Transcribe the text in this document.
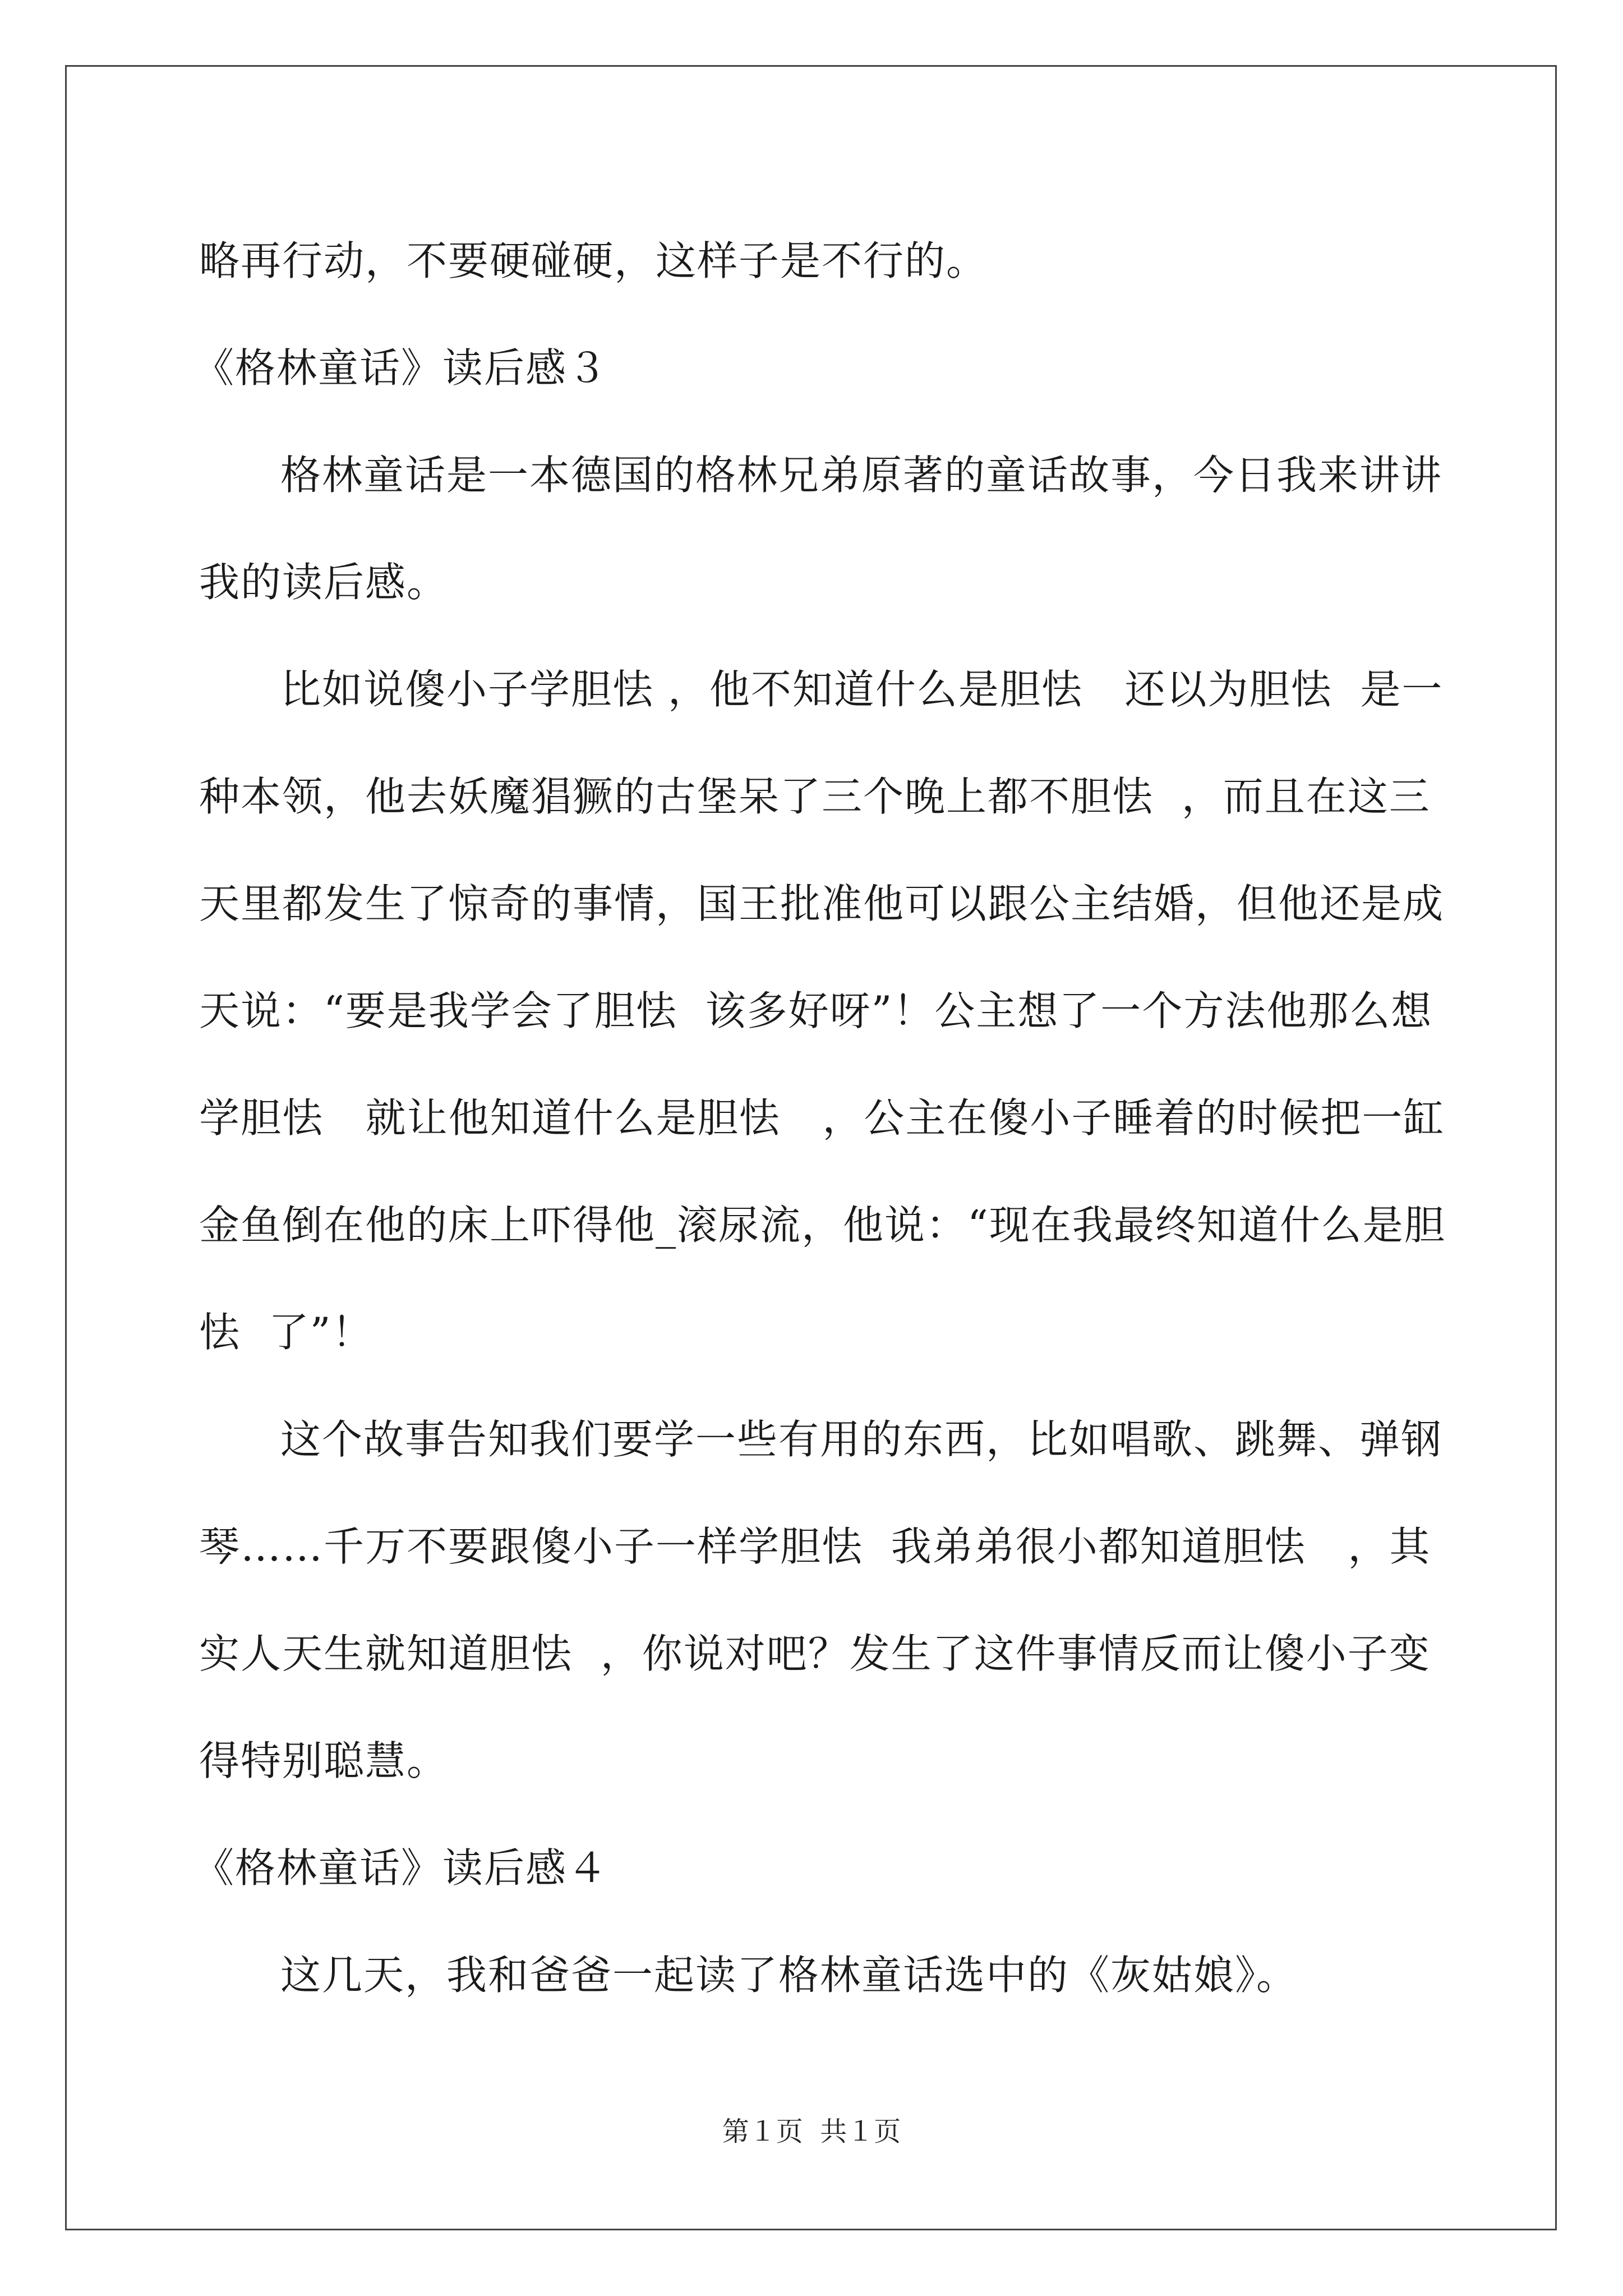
略再行动，不要硬碰硬，这样子是不行的。
《格林童话》读后感３
格林童话是一本德国的格林兄弟原著的童话故事，今日我来讲讲
我的读后感。
比如说傻小子学胆怯 ，他不知道什么是胆怯   还以为胆怯  是一
种本领，他去妖魔猖獗的古堡呆了三个晚上都不胆怯  ，而且在这三
天里都发生了惊奇的事情，国王批准他可以跟公主结婚，但他还是成
天说：“要是我学会了胆怯  该多好呀”！公主想了一个方法他那么想
学胆怯   就让他知道什么是胆怯   ，公主在傻小子睡着的时候把一缸
金鱼倒在他的床上吓得他_滚尿流，他说：“现在我最终知道什么是胆
怯  了”！
这个故事告知我们要学一些有用的东西，比如唱歌、跳舞、弹钢
琴……千万不要跟傻小子一样学胆怯  我弟弟很小都知道胆怯   ，其
实人天生就知道胆怯  ，你说对吧？发生了这件事情反而让傻小子变
得特别聪慧。
《格林童话》读后感４
这几天，我和爸爸一起读了格林童话选中的《灰姑娘》。
第１页  共１页
